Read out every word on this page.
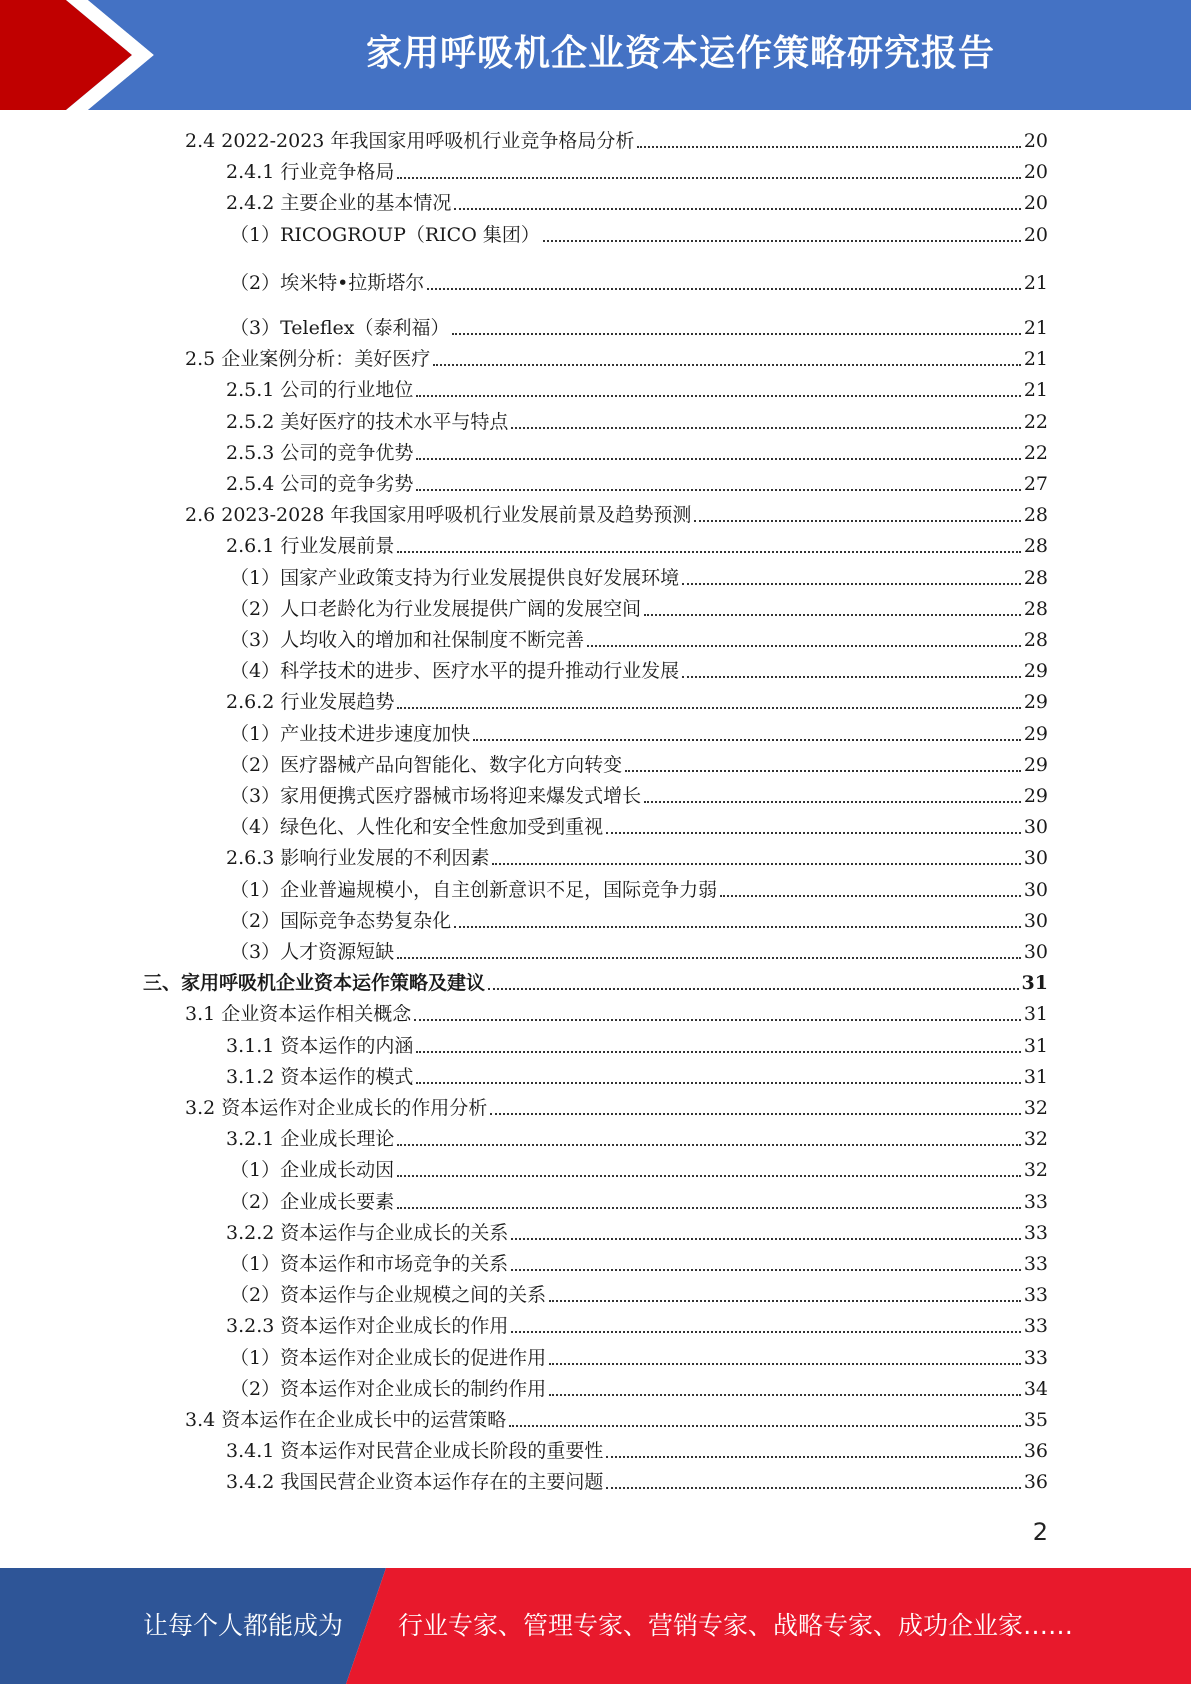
家用呼吸机企业资本运作策略研究报告
2.4 2022-2023 年我国家用呼吸机行业竞争格局分析	20
2.4.1 行业竞争格局	20
2.4.2 主要企业的基本情况	20
（1）RICOGROUP（RICO 集团）	20
（2）埃米特•拉斯塔尔	21
（3）Teleflex（泰利福）	21
2.5 企业案例分析：美好医疗	21
2.5.1 公司的行业地位	21
2.5.2 美好医疗的技术水平与特点	22
2.5.3 公司的竞争优势	22
2.5.4 公司的竞争劣势	27
2.6 2023-2028 年我国家用呼吸机行业发展前景及趋势预测	28
2.6.1 行业发展前景	28
（1）国家产业政策支持为行业发展提供良好发展环境	28
（2）人口老龄化为行业发展提供广阔的发展空间	28
（3）人均收入的增加和社保制度不断完善	28
（4）科学技术的进步、医疗水平的提升推动行业发展	29
2.6.2 行业发展趋势	29
（1）产业技术进步速度加快	29
（2）医疗器械产品向智能化、数字化方向转变	29
（3）家用便携式医疗器械市场将迎来爆发式增长	29
（4）绿色化、人性化和安全性愈加受到重视	30
2.6.3 影响行业发展的不利因素	30
（1）企业普遍规模小，自主创新意识不足，国际竞争力弱	30
（2）国际竞争态势复杂化	30
（3）人才资源短缺	30
三、家用呼吸机企业资本运作策略及建议	31
3.1 企业资本运作相关概念	31
3.1.1 资本运作的内涵	31
3.1.2 资本运作的模式	31
3.2 资本运作对企业成长的作用分析	32
3.2.1 企业成长理论	32
（1）企业成长动因	32
（2）企业成长要素	33
3.2.2 资本运作与企业成长的关系	33
（1）资本运作和市场竞争的关系	33
（2）资本运作与企业规模之间的关系	33
3.2.3 资本运作对企业成长的作用	33
（1）资本运作对企业成长的促进作用	33
（2）资本运作对企业成长的制约作用	34
3.4 资本运作在企业成长中的运营策略	35
3.4.1 资本运作对民营企业成长阶段的重要性	36
3.4.2 我国民营企业资本运作存在的主要问题	36
2
让每个人都能成为 行业专家、管理专家、营销专家、战略专家、成功企业家……
